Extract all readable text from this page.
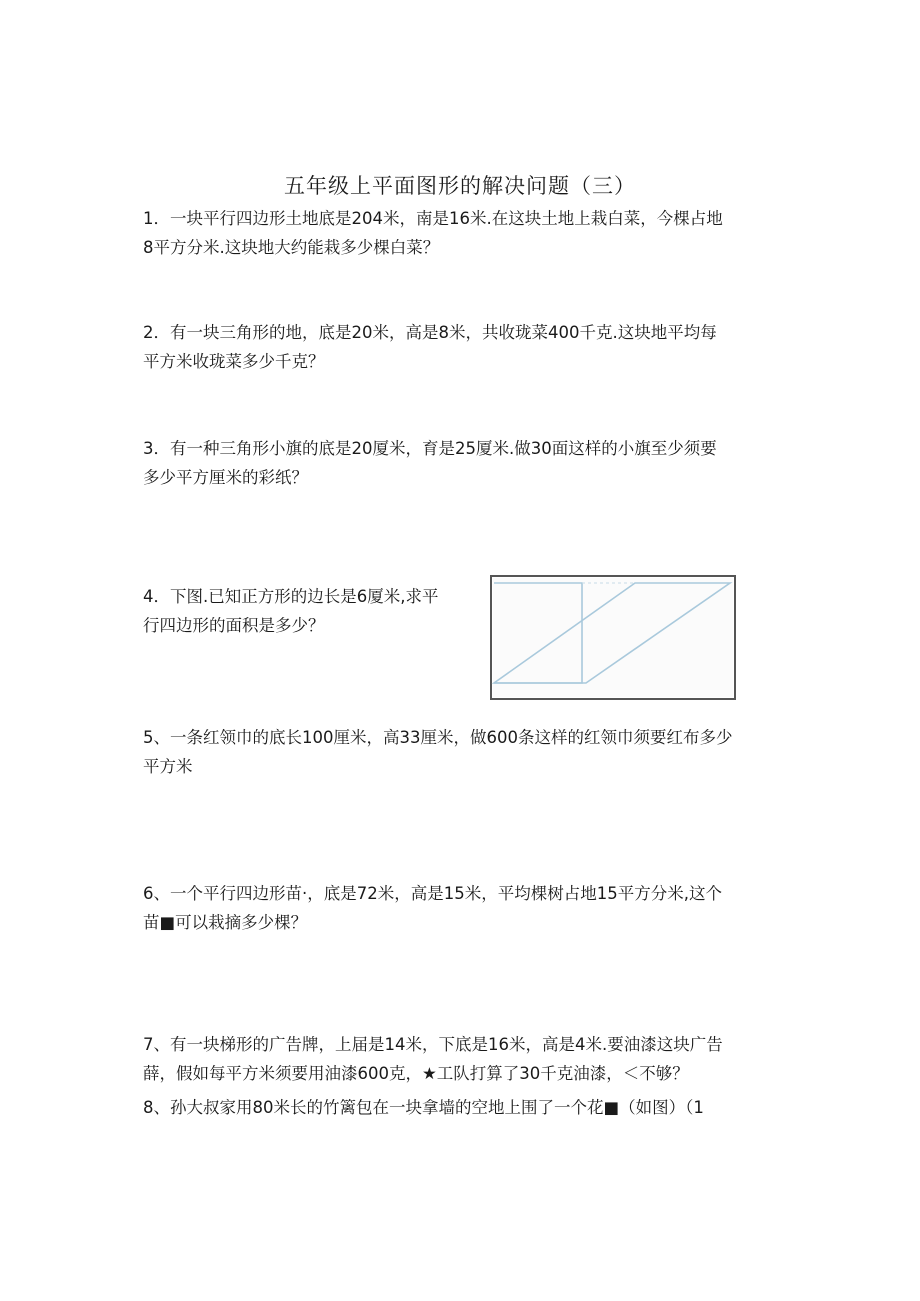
五年级上平面图形的解决问题（三）
1．一块平行四边形土地底是204米，南是16米.在这块土地上栽白菜，今棵占地
8平方分米.这块地大约能栽多少棵白菜？
2．有一块三角形的地，底是20米，高是8米，共收珑菜400千克.这块地平均每
平方米收珑菜多少千克？
3．有一种三角形小旗的底是20厦米，育是25厦米.做30面这样的小旗至少须要
多少平方厘米的彩纸？
4．下图.已知正方形的边长是6厦米,求平
行四边形的面积是多少？
5、一条红领巾的底长100厘米，高33厘米，做600条这样的红领巾须要红布多少
平方米
6、一个平行四边形苗·，底是72米，高是15米，平均棵树占地15平方分米,这个
苗■可以栽摘多少棵？
7、有一块梯形的广告牌，上届是14米，下底是16米，高是4米.要油漆这块广告
薛，假如每平方米须要用油漆600克，★工队打算了30千克油漆，＜不够？
8、孙大叔家用80米长的竹篱包在一块拿墙的空地上围了一个花■（如图）（1
